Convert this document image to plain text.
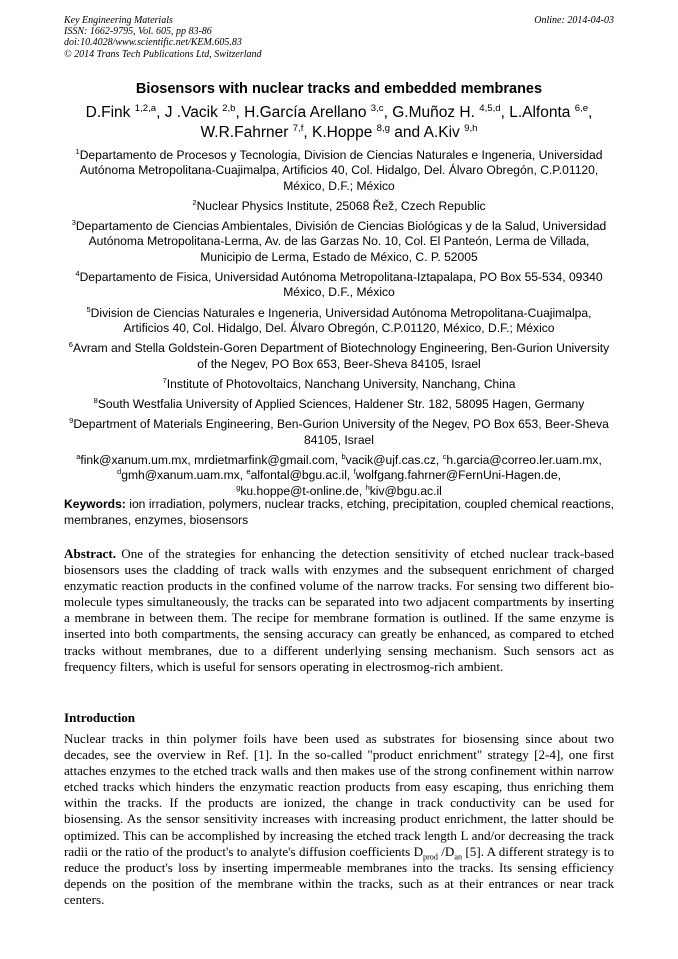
Key Engineering Materials
ISSN: 1662-9795, Vol. 605, pp 83-86
doi:10.4028/www.scientific.net/KEM.605.83
© 2014 Trans Tech Publications Ltd, Switzerland
Online: 2014-04-03
Biosensors with nuclear tracks and embedded membranes
D.Fink $^{1,2,a}$, J .Vacik $^{2,b}$, H.García Arellano $^{3,c}$, G.Muñoz H. $^{4,5,d}$, L.Alfonta $^{6,e}$,
W.R.Fahrner $^{7,f}$, K.Hoppe $^{8,g}$ and A.Kiv $^{9,h}$
$^1$Departamento de Procesos y Tecnologia, Division de Ciencias Naturales e Ingeneria, Universidad Autónoma Metropolitana-Cuajimalpa, Artificios 40, Col. Hidalgo, Del. Álvaro Obregón, C.P.01120, México, D.F.; México
$^2$Nuclear Physics Institute, 25068 Řež, Czech Republic
$^3$Departamento de Ciencias Ambientales, División de Ciencias Biológicas y de la Salud, Universidad Autónoma Metropolitana-Lerma, Av. de las Garzas No. 10, Col. El Panteón, Lerma de Villada, Municipio de Lerma, Estado de México, C. P. 52005
$^4$Departamento de Fisica, Universidad Autónoma Metropolitana-Iztapalapa, PO Box 55-534, 09340 México, D.F., México
$^5$Division de Ciencias Naturales e Ingeneria, Universidad Autónoma Metropolitana-Cuajimalpa, Artificios 40, Col. Hidalgo, Del. Álvaro Obregón, C.P.01120, México, D.F.; México
$^6$Avram and Stella Goldstein-Goren Department of Biotechnology Engineering, Ben-Gurion University of the Negev, PO Box 653, Beer-Sheva 84105, Israel
$^7$Institute of Photovoltaics, Nanchang University, Nanchang, China
$^8$South Westfalia University of Applied Sciences, Haldener Str. 182, 58095 Hagen, Germany
$^9$Department of Materials Engineering, Ben-Gurion University of the Negev, PO Box 653, Beer-Sheva 84105, Israel
$^a$fink@xanum.um.mx, mrdietmarfink@gmail.com, $^b$vacik@ujf.cas.cz, $^c$h.garcia@correo.ler.uam.mx,
$^d$gmh@xanum.uam.mx, $^e$alfontal@bgu.ac.il, $^f$wolfgang.fahrner@FernUni-Hagen.de,
$^g$ku.hoppe@t-online.de, $^h$kiv@bgu.ac.il
Keywords: ion irradiation, polymers, nuclear tracks, etching, precipitation, coupled chemical reactions, membranes, enzymes, biosensors
Abstract. One of the strategies for enhancing the detection sensitivity of etched nuclear track-based biosensors uses the cladding of track walls with enzymes and the subsequent enrichment of charged enzymatic reaction products in the confined volume of the narrow tracks. For sensing two different bio-molecule types simultaneously, the tracks can be separated into two adjacent compartments by inserting a membrane in between them. The recipe for membrane formation is outlined. If the same enzyme is inserted into both compartments, the sensing accuracy can greatly be enhanced, as compared to etched tracks without membranes, due to a different underlying sensing mechanism. Such sensors act as frequency filters, which is useful for sensors operating in electrosmog-rich ambient.
Introduction
Nuclear tracks in thin polymer foils have been used as substrates for biosensing since about two decades, see the overview in Ref. [1]. In the so-called "product enrichment" strategy [2-4], one first attaches enzymes to the etched track walls and then makes use of the strong confinement within narrow etched tracks which hinders the enzymatic reaction products from easy escaping, thus enriching them within the tracks. If the products are ionized, the change in track conductivity can be used for biosensing. As the sensor sensitivity increases with increasing product enrichment, the latter should be optimized. This can be accomplished by increasing the etched track length L and/or decreasing the track radii or the ratio of the product's to analyte's diffusion coefficients $D_{prod}$ $/D_{an}$ [5]. A different strategy is to reduce the product's loss by inserting impermeable membranes into the tracks. Its sensing efficiency depends on the position of the membrane within the tracks, such as at their entrances or near track centers.
